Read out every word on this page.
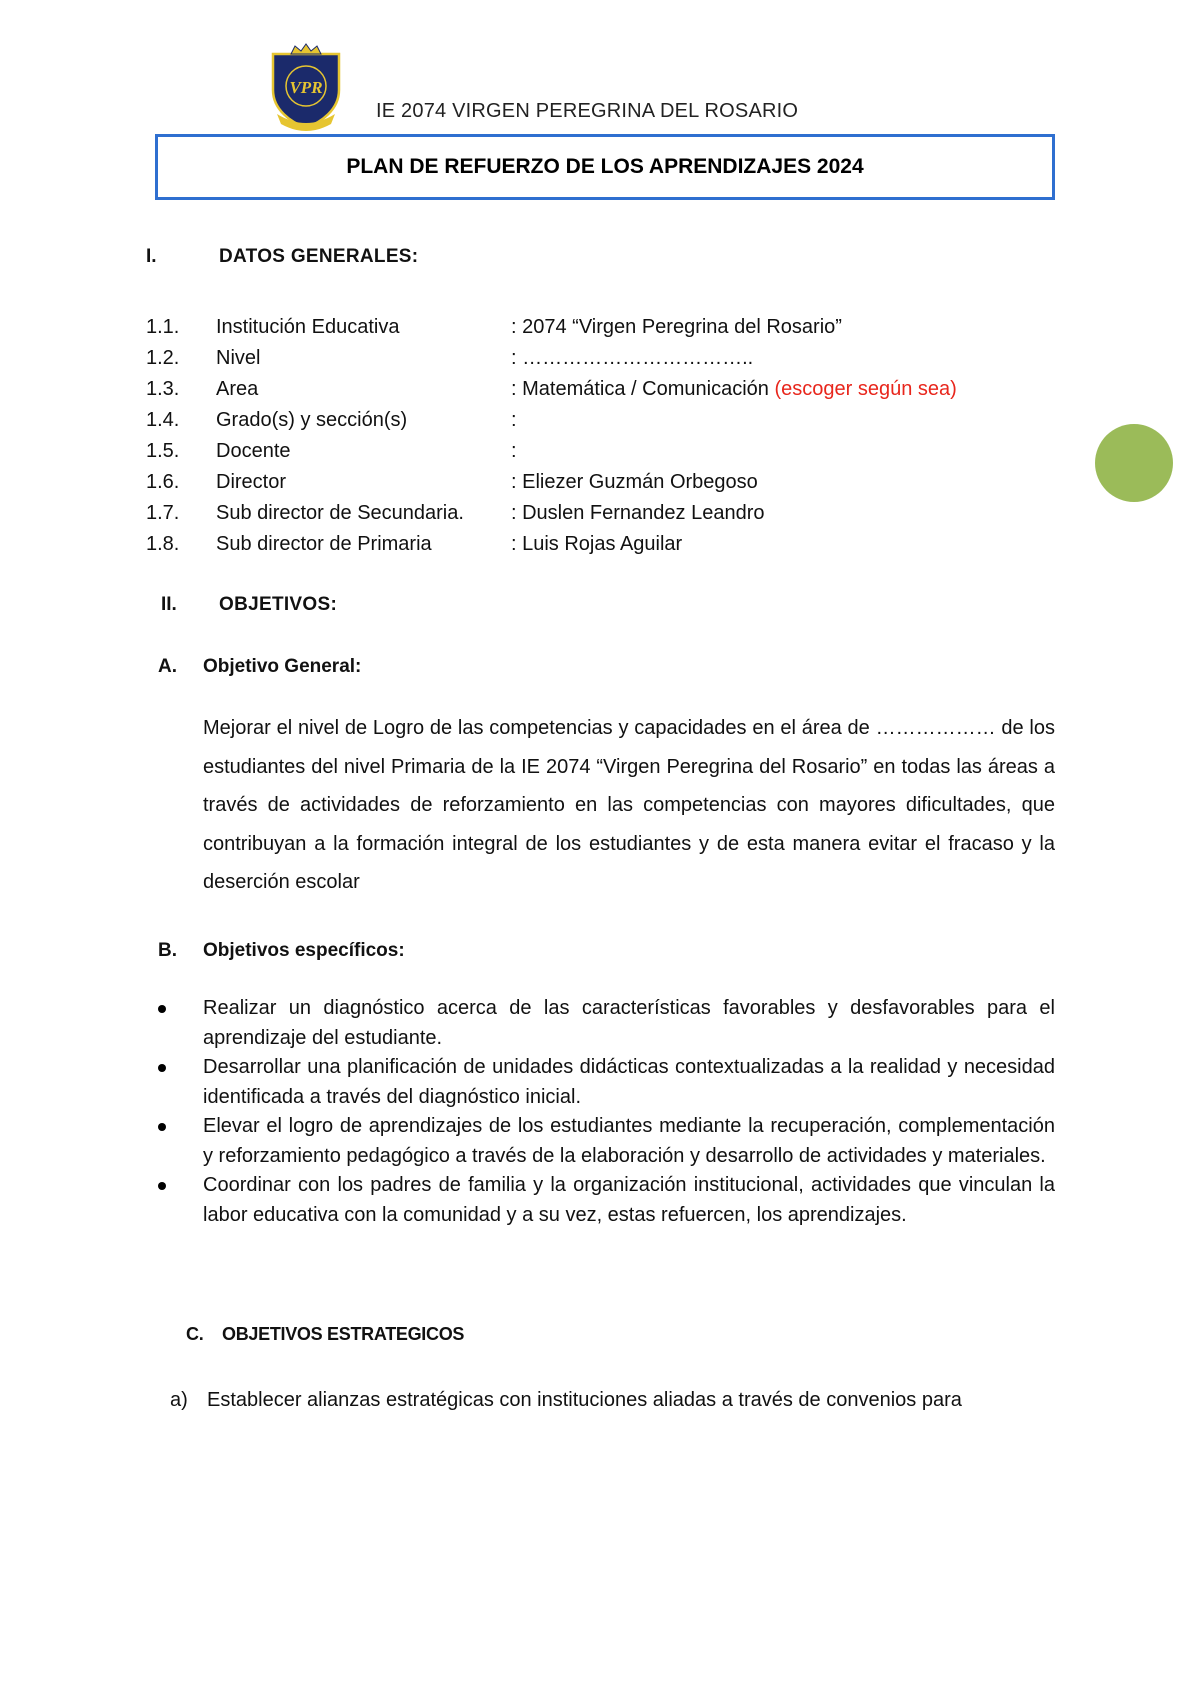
VPR
IE 2074 VIRGEN PEREGRINA DEL ROSARIO
PLAN DE REFUERZO DE LOS APRENDIZAJES 2024
I.	DATOS GENERALES:
1.1. Institución Educativa	: 2074 “Virgen Peregrina del Rosario”
1.2. Nivel	: ……………………………..
1.3. Area	: Matemática / Comunicación (escoger según sea)
1.4. Grado(s) y sección(s)	:
1.5. Docente	:
1.6. Director	: Eliezer Guzmán Orbegoso
1.7. Sub director de Secundaria. : Duslen Fernandez Leandro
1.8. Sub director de Primaria	: Luis Rojas Aguilar
II. OBJETIVOS:
A. Objetivo General:
Mejorar el nivel de Logro de las competencias y capacidades en el área de ……………… de los estudiantes del nivel Primaria de la IE 2074 “Virgen Peregrina del Rosario” en todas las áreas a través de actividades de reforzamiento en las competencias con mayores dificultades, que contribuyan a la formación integral de los estudiantes y de esta manera evitar el fracaso y la deserción escolar
B. Objetivos específicos:
Realizar un diagnóstico acerca de las características favorables y desfavorables para el aprendizaje del estudiante.
Desarrollar una planificación de unidades didácticas contextualizadas a la realidad y necesidad identificada a través del diagnóstico inicial.
Elevar el logro de aprendizajes de los estudiantes mediante la recuperación, complementación y reforzamiento pedagógico a través de la elaboración y desarrollo de actividades y materiales.
Coordinar con los padres de familia y la organización institucional, actividades que vinculan la labor educativa con la comunidad y a su vez, estas refuercen, los aprendizajes.
C. OBJETIVOS ESTRATEGICOS
a) Establecer alianzas estratégicas con instituciones aliadas a través de convenios para
